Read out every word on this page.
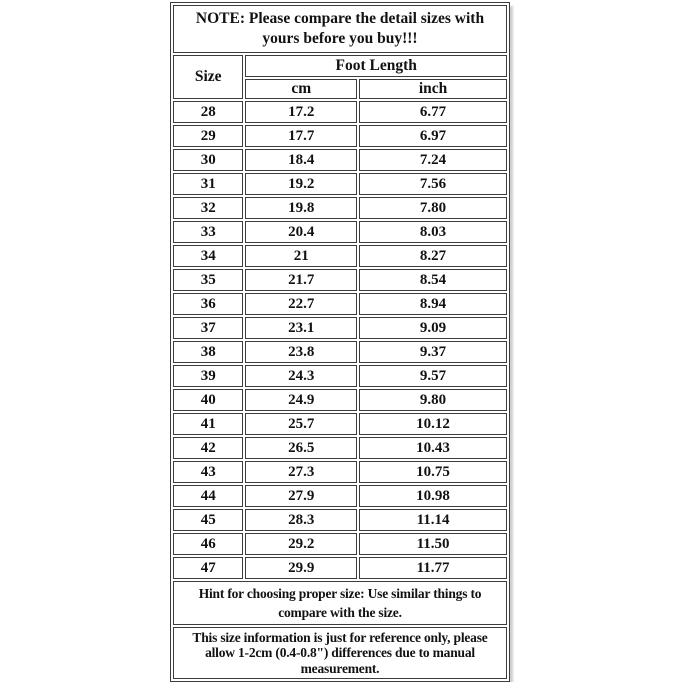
NOTE: Please compare the detail sizes with yours before you buy!!!		
Size	Foot Length	
	cm	inch
28	17.2	6.77
29	17.7	6.97
30	18.4	7.24
31	19.2	7.56
32	19.8	7.80
33	20.4	8.03
34	21	8.27
35	21.7	8.54
36	22.7	8.94
37	23.1	9.09
38	23.8	9.37
39	24.3	9.57
40	24.9	9.80
41	25.7	10.12
42	26.5	10.43
43	27.3	10.75
44	27.9	10.98
45	28.3	11.14
46	29.2	11.50
47	29.9	11.77
Hint for choosing proper size: Use similar things to compare with the size.		
This size information is just for reference only, please allow 1-2cm (0.4-0.8") differences due to manual measurement.		
